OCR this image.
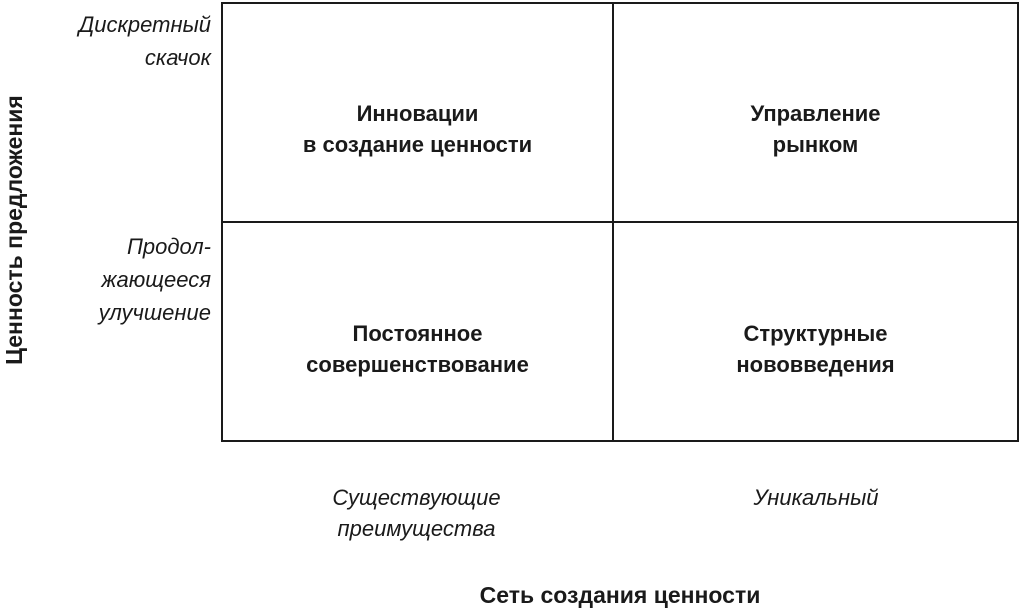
Ценность предложения
Дискретный
скачок
Продол-
жающееся
улучшение
Инновации
в создание ценности
Управление
рынком
Постоянное
совершенствование
Структурные
нововведения
Существующие
преимущества
Уникальный
Сеть создания ценности
